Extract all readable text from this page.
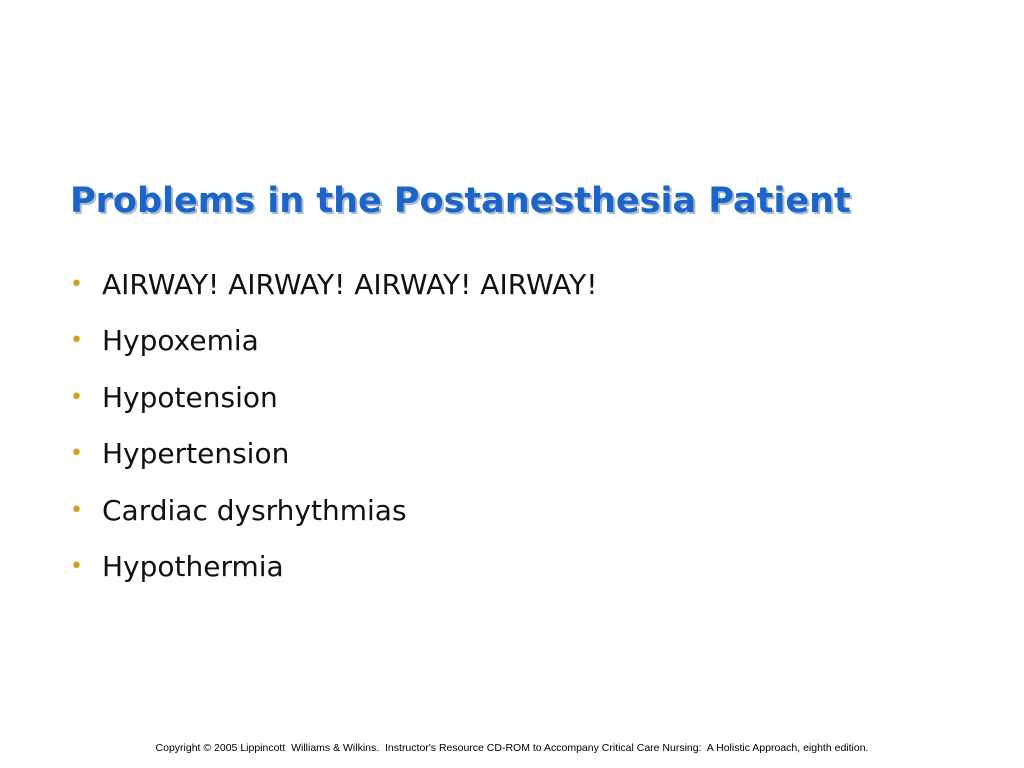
Problems in the Postanesthesia Patient
• AIRWAY! AIRWAY! AIRWAY! AIRWAY!
• Hypoxemia
• Hypotension
• Hypertension
• Cardiac dysrhythmias
• Hypothermia
Copyright © 2005 Lippincott  Williams & Wilkins.  Instructor's Resource CD-ROM to Accompany Critical Care Nursing:  A Holistic Approach, eighth edition.
